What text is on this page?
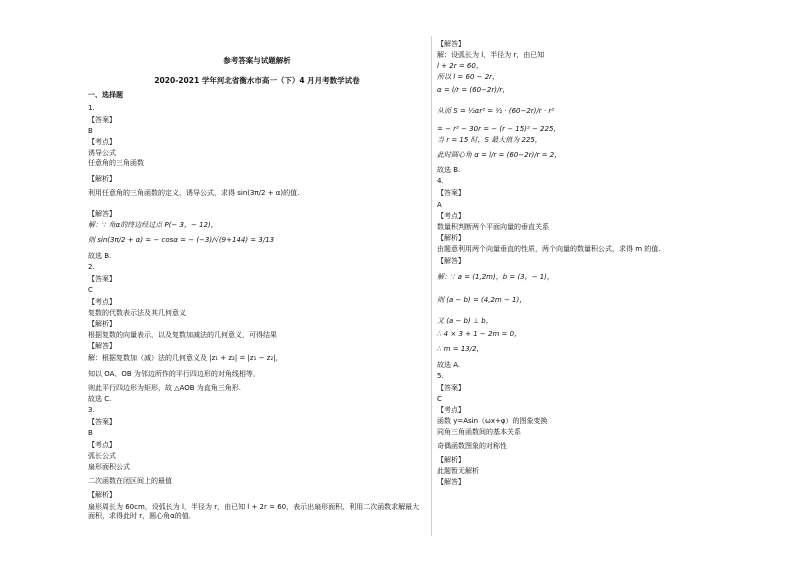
参考答案与试题解析
2020-2021 学年河北省衡水市高一（下）4 月月考数学试卷
一、选择题
1.
【答案】
B
【考点】
诱导公式
任意角的三角函数
【解析】
利用任意角的三角函数的定义，诱导公式，求得 sin(3π/2 + α)的值.
【解答】
解：∵ 角α的终边经过点 P(− 3，− 12)，
则 sin(3π/2 + α) = − cosα = − (−3)/√(9+144) = 3/13
故选 B.
2.
【答案】
C
【考点】
复数的代数表示法及其几何意义
【解析】
根据复数的向量表示，以及复数加减法的几何意义，可得结果
【解答】
解：根据复数加（减）法的几何意义及 |z₁ + z₂| = |z₁ − z₂|，
知以 OA、OB 为邻边所作的平行四边形的对角线相等，
则此平行四边形为矩形，故 △AOB 为直角三角形.
故选 C.
3.
【答案】
B
【考点】
弧长公式
扇形面积公式
二次函数在闭区间上的最值
【解析】
扇形周长为 60cm，设弧长为 l，半径为 r，由已知 l + 2r = 60，表示出扇形面积，利用二次函数求解最大面积，求得此时 r，圆心角α的值.
【解答】
解：设弧长为 l，半径为 r，由已知
l + 2r = 60，
所以 l = 60 − 2r，
α = l/r = (60−2r)/r，
从而 S = ½αr² = ½ · (60−2r)/r · r²
= − r² − 30r = − (r − 15)² − 225，
当 r = 15 时，S 最大值为 225，
此时圆心角 α = l/r = (60−2r)/r = 2，
故选 B.
4.
【答案】
A
【考点】
数量积判断两个平面向量的垂直关系
【解析】
由题意利用两个向量垂直的性质，两个向量的数量积公式，求得 m 的值.
【解答】
解：∵ a = (1,2m)，b = (3，− 1)，
则 (a − b) = (4,2m − 1)，
又 (a − b) ⊥ b，
∴ 4 × 3 + 1 − 2m = 0，
∴ m = 13/2，
故选 A.
5.
【答案】
C
【考点】
函数 y=Asin（ωx+φ）的图象变换
同角三角函数间的基本关系
奇偶函数图象的对称性
【解析】
此题暂无解析
【解答】
